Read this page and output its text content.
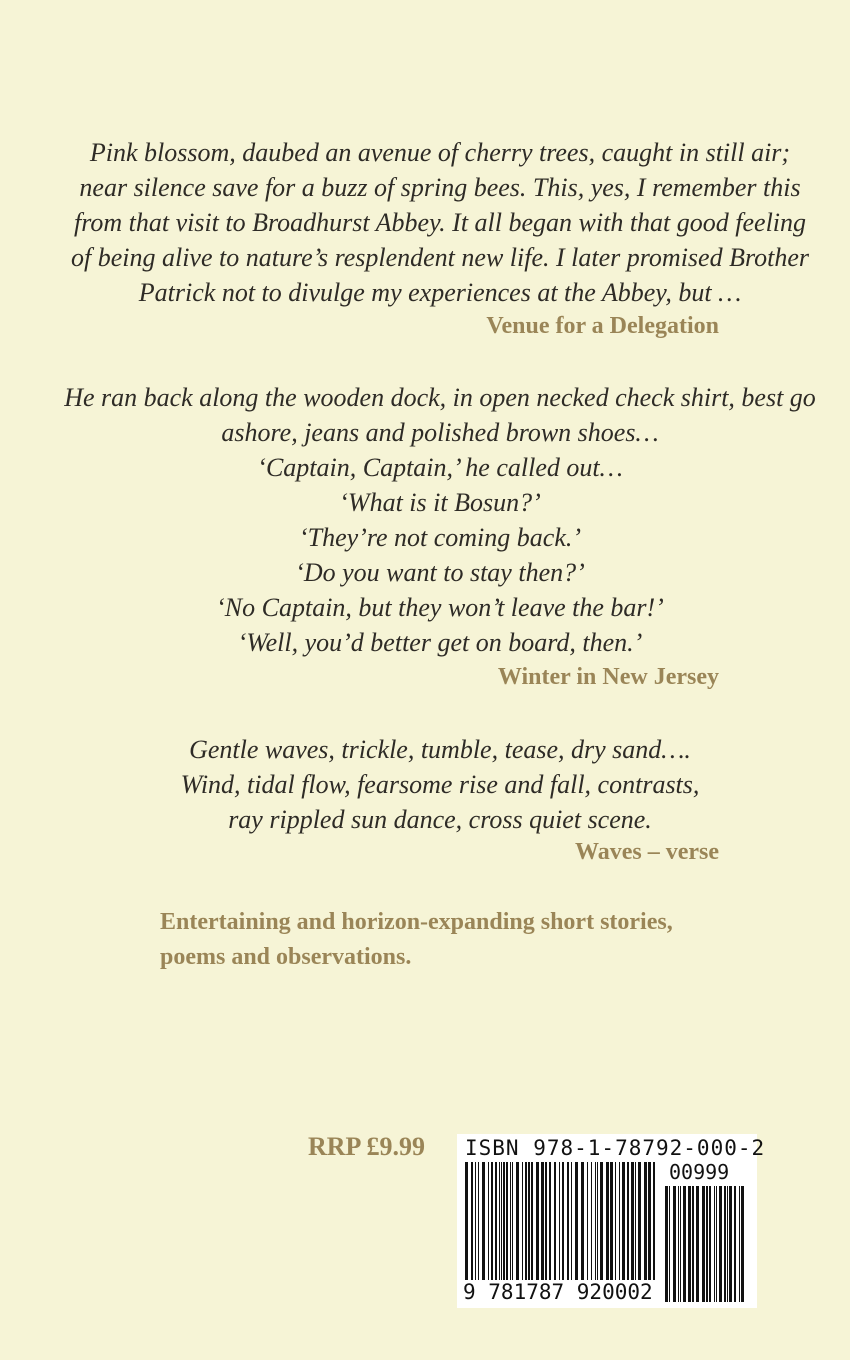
Pink blossom, daubed an avenue of cherry trees, caught in still air;
near silence save for a buzz of spring bees. This, yes, I remember this
from that visit to Broadhurst Abbey. It all began with that good feeling
of being alive to nature’s resplendent new life. I later promised Brother
Patrick not to divulge my experiences at the Abbey, but …
Venue for a Delegation
He ran back along the wooden dock, in open necked check shirt, best go
ashore, jeans and polished brown shoes…
‘Captain, Captain,’ he called out…
‘What is it Bosun?’
‘They’re not coming back.’
‘Do you want to stay then?’
‘No Captain, but they won’t leave the bar!’
‘Well, you’d better get on board, then.’
Winter in New Jersey
Gentle waves, trickle, tumble, tease, dry sand….
Wind, tidal flow, fearsome rise and fall, contrasts,
ray rippled sun dance, cross quiet scene.
Waves – verse
Entertaining and horizon-expanding short stories, poems and observations.
RRP £9.99 ISBN 978-1-78792-000-2
00999
9 781787 920002
